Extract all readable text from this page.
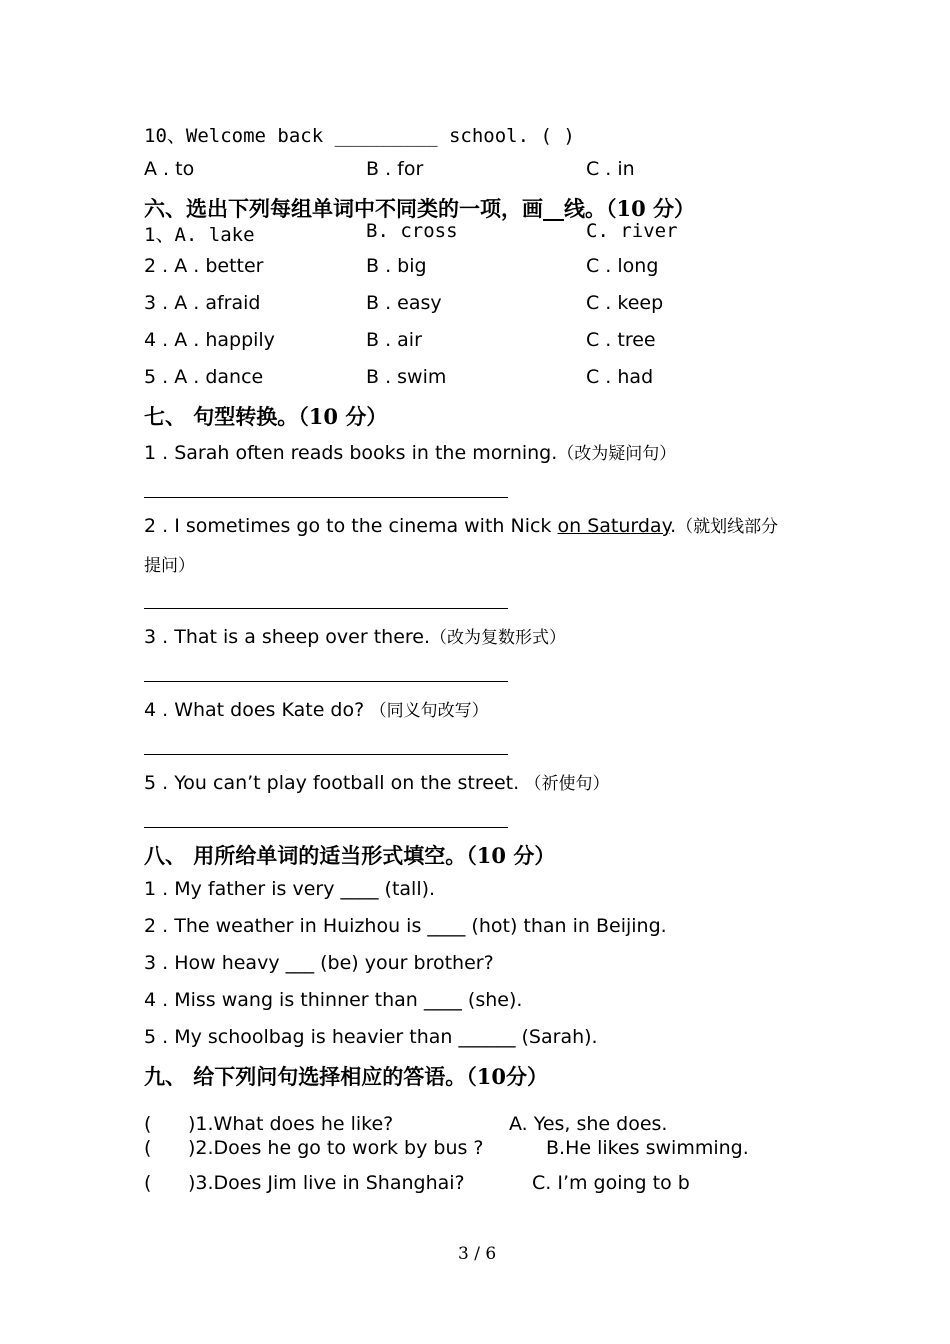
10、Welcome back _________ school. ( )
A . to	B . for	C . in
六、选出下列每组单词中不同类的一项，画__线。（10 分）
1、A. lake	B. cross	C. river
2 . A . better	B . big	C . long
3 . A . afraid	B . easy	C . keep
4 . A . happily	B . air	C . tree
5 . A . dance	B . swim	C . had
七、 句型转换。（10 分）
1 . Sarah often reads books in the morning.（改为疑问句）
2 . I sometimes go to the cinema with Nick on Saturday.（就划线部分
提问）
3 . That is a sheep over there.（改为复数形式）
4 . What does Kate do? （同义句改写）
5 . You can’t play football on the street. （祈使句）
八、 用所给单词的适当形式填空。（10 分）
1 . My father is very ____ (tall).
2 . The weather in Huizhou is ____ (hot) than in Beijing.
3 . How heavy ___ (be) your brother?
4 . Miss wang is thinner than ____ (she).
5 . My schoolbag is heavier than ______ (Sarah).
九、 给下列问句选择相应的答语。（10分）
( )1.What does he like?	A. Yes, she does.
( )2.Does he go to work by bus ?	B.He likes swimming.
( )3.Does Jim live in Shanghai?	C. I’m going to b
3 / 6
